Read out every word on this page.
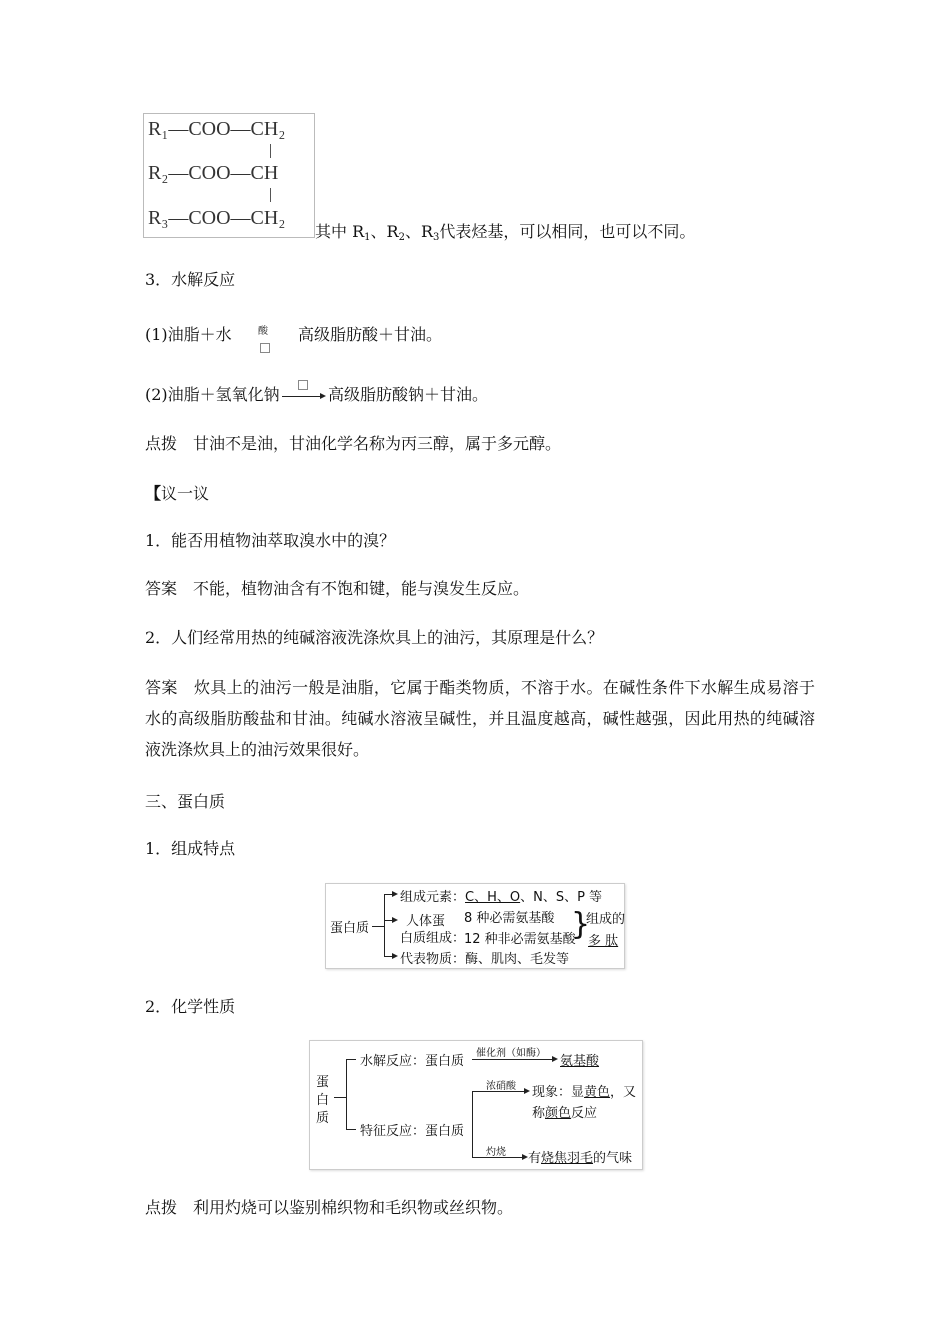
R₁—COO—CH₂
R₂—COO—CH
R₃—COO—CH₂
其中 $R_1$、$R_2$、$R_3$代表烃基，可以相同，也可以不同。
3．水解反应
(1)油脂＋水	酸 高级脂肪酸＋甘油。
(2)油脂＋氢氧化钠	高级脂肪酸钠＋甘油。
点拨　甘油不是油，甘油化学名称为丙三醇，属于多元醇。
【议一议
1．能否用植物油萃取溴水中的溴？
答案　不能，植物油含有不饱和键，能与溴发生反应。
2．人们经常用热的纯碱溶液洗涤炊具上的油污，其原理是什么？
答案　炊具上的油污一般是油脂，它属于酯类物质，不溶于水。在碱性条件下水解生成易溶于水的高级脂肪酸盐和甘油。纯碱水溶液呈碱性，并且温度越高，碱性越强，因此用热的纯碱溶液洗涤炊具上的油污效果很好。
三、蛋白质
1．组成特点
蛋白质
组成元素：C、H、O、N、S、P 等
人体蛋
白质组成：
8 种必需氨基酸
12 种非必需氨基酸
}
组成的
多 肽
代表物质：酶、肌肉、毛发等
2．化学性质
蛋
白
质
水解反应：蛋白质
催化剂（如酶）
氨基酸
特征反应：蛋白质
浓硝酸 现象：显黄色，又
称颜色反应
灼烧 有烧焦羽毛的气味
点拨　利用灼烧可以鉴别棉织物和毛织物或丝织物。
